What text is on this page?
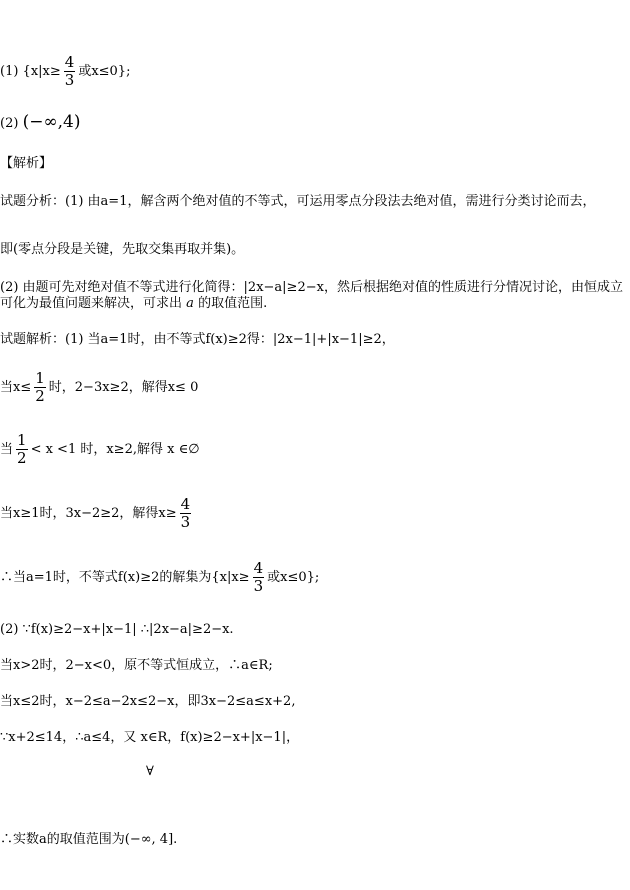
(1) {$x|x\ge \frac{4}{3}$ 或x≤0};
(2) (−∞,4)
【解析】
试题分析：(1) 由a=1，解含两个绝对值的不等式，可运用零点分段法去绝对值，需进行分类讨论而去，
即(零点分段是关键，先取交集再取并集)。
(2) 由题可先对绝对值不等式进行化简得：|2x−a|≥2−x，然后根据绝对值的性质进行分情况讨论，由恒成立可化为最值问题来解决，可求出 a 的取值范围.
试题解析：(1) 当a=1时，由不等式f(x)≥2得：|2x−1|+|x−1|≥2，
当$x\le \frac{1}{2}$ 时，2−3x≥2，解得x≤ 0
当 $\frac{1}{2} < x <1$ 时，x≥2,解得 x ∈∅
当x≥1时，3x−2≥2，解得$x\ge \frac{4}{3}$
∴当a=1时，不等式f(x)≥2的解集为{$x|x\ge \frac{4}{3}$ 或x≤0};
(2) ∵f(x)≥2−x+|x−1| ∴|2x−a|≥2−x.
当x>2时，2−x<0，原不等式恒成立，∴a∈R;
当x≤2时，x−2≤a−2x≤2−x，即3x−2≤a≤x+2,
∵x+2≤14，∴a≤4，又 x∈R，f(x)≥2−x+|x−1|，
∀
∴实数a的取值范围为(−∞, 4].
